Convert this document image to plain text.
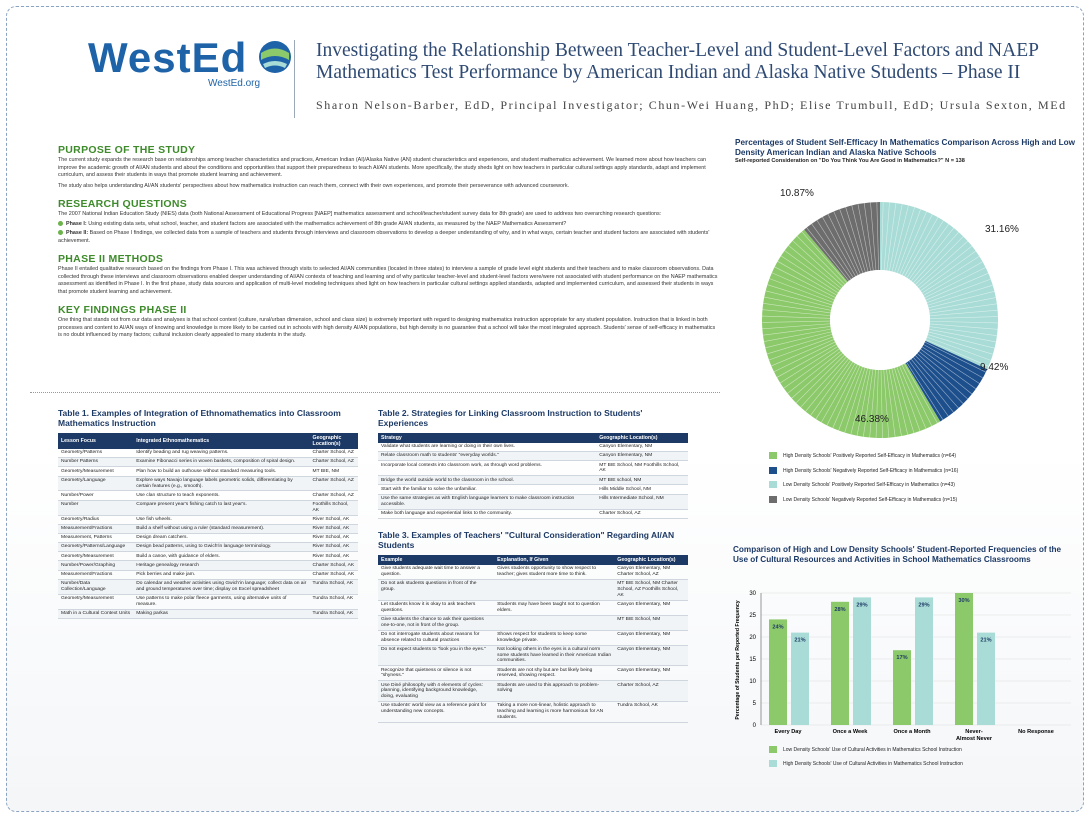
WestEd
WestEd.org
Investigating the Relationship Between Teacher-Level and Student-Level Factors and NAEP Mathematics Test Performance by American Indian and Alaska Native Students – Phase II
Sharon Nelson-Barber, EdD, Principal Investigator; Chun-Wei Huang, PhD; Elise Trumbull, EdD; Ursula Sexton, MEd
PURPOSE OF THE STUDY
The current study expands the research base on relationships among teacher characteristics and practices, American Indian (AI)/Alaska Native (AN) student characteristics and experiences, and student mathematics achievement. We learned more about how teachers can improve the academic growth of AI/AN students and about the conditions and opportunities that support their preparedness to teach AI/AN students. More specifically, the study sheds light on how teachers in particular cultural settings apply standards, adapt and implement curriculum, and assess their students in ways that promote student learning and achievement.
The study also helps understanding AI/AN students' perspectives about how mathematics instruction can reach them, connect with their own experiences, and promote their perseverance with advanced coursework.
RESEARCH QUESTIONS
The 2007 National Indian Education Study (NIES) data (both National Assessment of Educational Progress [NAEP] mathematics assessment and school/teacher/student survey data for 8th grade) are used to address two overarching research questions:
Phase I: Using existing data sets, what school, teacher, and student factors are associated with the mathematics achievement of 8th grade AI/AN students, as measured by the NAEP Mathematics Assessment?
Phase II: Based on Phase I findings, we collected data from a sample of teachers and students through interviews and classroom observations to develop a deeper understanding of why, and in what ways, certain teacher and student factors are associated with students' achievement.
PHASE II METHODS
Phase II entailed qualitative research based on the findings from Phase I. This was achieved through visits to selected AI/AN communities (located in three states) to interview a sample of grade level eight students and their teachers and to make classroom observations. Data collected through these interviews and classroom observations enabled deeper understanding of AI/AN contexts of teaching and learning and of why particular teacher-level and student-level factors were/were not associated with student performance on the NAEP mathematics assessment as identified in Phase I. In the first phase, study data sources and application of multi-level modeling techniques shed light on how teachers in particular cultural settings applied standards, adapted and implemented curriculum, and assessed their students in ways that promote student learning and achievement.
KEY FINDINGS PHASE II
One thing that stands out from our data and analyses is that school context (culture, rural/urban dimension, school and class size) is extremely important with regard to designing mathematics instruction appropriate for any student population. Instruction that is linked in both processes and content to AI/AN ways of knowing and knowledge is more likely to be carried out in schools with high density AI/AN populations, but high density is no guarantee that a school will take the most integrated approach. Students' sense of self-efficacy in mathematics is no doubt influenced by many factors; cultural inclusion clearly appealed to many students in the study.
Table 1. Examples of Integration of Ethnomathematics into Classroom Mathematics Instruction
Lesson Focus	Integrated Ethnomathematics	Geographic Location(s)
Geometry/Patterns	Identify beading and rug weaving patterns.	Charter School, AZ
Number Patterns	Examine Fibonacci series in woven baskets, composition of spiral design.	Charter School, AZ
Geometry/Measurement	Plan how to build an outhouse without standard measuring tools.	MT BIE, NM
Geometry/Language	Explore ways Navajo language labels geometric solids, differentiating by certain features (e.g., smooth).	Charter School, AZ
Number/Power	Use clan structure to teach exponents.	Charter School, AZ
Number	Compare present year's fishing catch to last year's.	Foothills School, AK
Geometry/Radius	Use fish wheels.	River School, AK
Measurement/Fractions	Build a shelf without using a ruler (standard measurement).	River School, AK
Measurement, Patterns	Design dream catchers.	River School, AK
Geometry/Patterns/Language	Design bead patterns, using to Gwich'in language terminology.	River School, AK
Geometry/Measurement	Build a canoe, with guidance of elders.	River School, AK
Number/Power/Graphing	Heritage genealogy research	Charter School, AK
Measurement/Fractions	Pick berries and make jam.	Charter School, AK
Number/Data Collection/Language	Do calendar and weather activities using Gwich'in language; collect data on air and ground temperatures over time; display on Excel spreadsheet	Tundra School, AK
Geometry/Measurement	Use patterns to make polar fleece garments, using alternative units of measure.	Tundra School, AK
Math in a Cultural Context Units	Making parkas	Tundra School, AK
Table 2. Strategies for Linking Classroom Instruction to Students' Experiences
Strategy	Geographic Location(s)
Validate what students are learning or doing in their own lives.	Canyon Elementary, NM
Relate classroom math to students' "everyday worlds."	Canyon Elementary, NM
Incorporate local contexts into classroom work, as through word problems.	MT BIE School, NM Foothills School, AK
Bridge the world outside world to the classroom in the school.	MT BIE school, NM
Start with the familiar to solve the unfamiliar.	Hills Middle School, NM
Use the same strategies as with English language learners to make classroom instruction accessible.	Hills Intermediate School, NM
Make both language and experiential links to the community.	Charter School, AZ
Table 3. Examples of Teachers' "Cultural Consideration" Regarding AI/AN Students
Example	Explanation, If Given	Geographic Location(s)
Give students adequate wait time to answer a question.	Gives students opportunity to show respect to teacher; gives student more time to think.	Canyon Elementary, NM Charter School, AZ
Do not ask students questions in front of the group.		MT BIE School, NM Charter School, AZ Foothills School, AK
Let students know it is okay to ask teachers questions.	Students may have been taught not to question elders.	Canyon Elementary, NM
Give students the chance to ask their questions one-to-one, not in front of the group.		MT BIE School, NM
Do not interrogate students about reasons for absence related to cultural practices	Shows respect for students to keep some knowledge private.	Canyon Elementary, NM
Do not expect students to "look you in the eyes."	Not looking others in the eyes is a cultural norm some students have learned in their American Indian communities.	Canyon Elementary, NM
Recognize that quietness or silence is not "shyness."	Students are not shy but are but likely being reserved, showing respect.	Canyon Elementary, NM
Use Diné philosophy with 4 elements of cycles: planning, identifying background knowledge, doing, evaluating	Students are used to this approach to problem-solving	Charter School, AZ
Use students' world view as a reference point for understanding new concepts.	Taking a more non-linear, holistic approach to teaching and learning is more harmonious for AN students.	Tundra School, AK
Percentages of Student Self-Efficacy In Mathematics Comparison Across High and Low Density American Indian and Alaska Native Schools
Self-reported Consideration on "Do You Think You Are Good in Mathematics?" N = 138
46.38%
9.42%
31.16%
10.87%
High Density Schools' Positively Reported Self-Efficacy in Mathematics (n=64)
High Density Schools' Negatively Reported Self-Efficacy in Mathematics (n=16)
Low Density Schools' Positively Reported Self-Efficacy in Mathematics (n=43)
Low Density Schools' Negatively Reported Self-Efficacy in Mathematics (n=15)
Comparison of High and Low Density Schools' Student-Reported Frequencies of the Use of Cultural Resources and Activities in School Mathematics Classrooms
Percentage of Students per Reported Frequency
0
5
10
15
20
25
30
24%
21%
Every Day
28%
29%
Once a Week
17%
29%
Once a Month
30%
21%
Never-
Almost Never
No Response
Low Density Schools' Use of Cultural Activities in Mathematics School Instruction
High Density Schools' Use of Cultural Activities in Mathematics School Instruction
